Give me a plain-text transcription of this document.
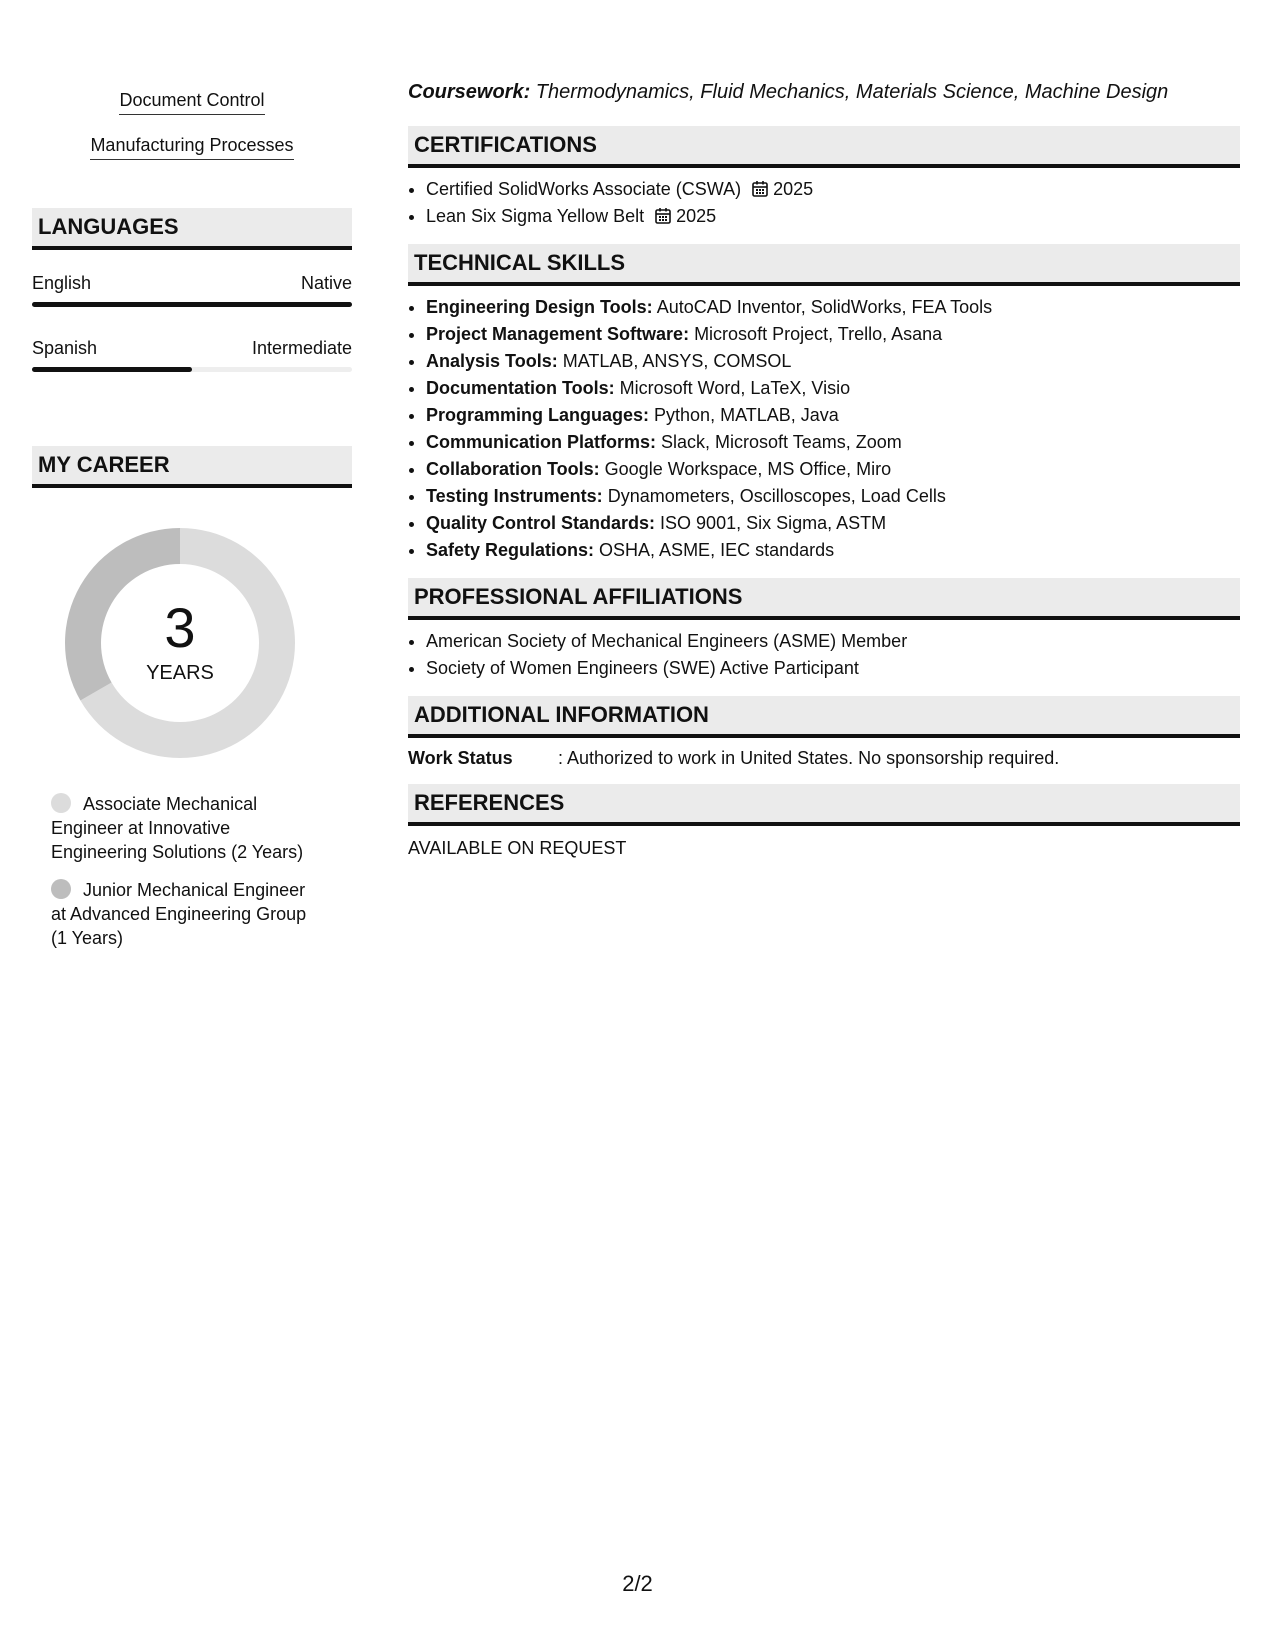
Document Control
Manufacturing Processes
LANGUAGES
English	Native
Spanish	Intermediate
MY CAREER
3
YEARS
Associate Mechanical Engineer at Innovative Engineering Solutions (2 Years)
Junior Mechanical Engineer at Advanced Engineering Group (1 Years)

Coursework: Thermodynamics, Fluid Mechanics, Materials Science, Machine Design

CERTIFICATIONS
• Certified SolidWorks Associate (CSWA) 2025
• Lean Six Sigma Yellow Belt 2025
TECHNICAL SKILLS
• Engineering Design Tools: AutoCAD Inventor, SolidWorks, FEA Tools
• Project Management Software: Microsoft Project, Trello, Asana
• Analysis Tools: MATLAB, ANSYS, COMSOL
• Documentation Tools: Microsoft Word, LaTeX, Visio
• Programming Languages: Python, MATLAB, Java
• Communication Platforms: Slack, Microsoft Teams, Zoom
• Collaboration Tools: Google Workspace, MS Office, Miro
• Testing Instruments: Dynamometers, Oscilloscopes, Load Cells
• Quality Control Standards: ISO 9001, Six Sigma, ASTM
• Safety Regulations: OSHA, ASME, IEC standards
PROFESSIONAL AFFILIATIONS
• American Society of Mechanical Engineers (ASME) Member
• Society of Women Engineers (SWE) Active Participant
ADDITIONAL INFORMATION
Work Status	: Authorized to work in United States. No sponsorship required.
REFERENCES
AVAILABLE ON REQUEST
2/2
